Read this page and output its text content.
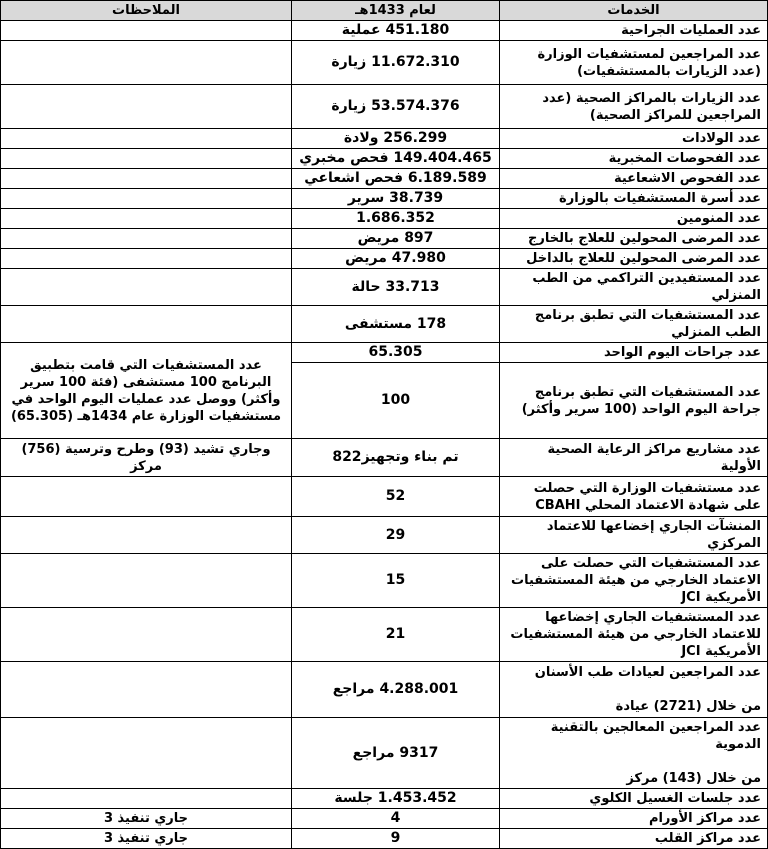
الخدمات	لعام 1433هـ	الملاحظات
عدد العمليات الجراحية	451.180 عملية	
عدد المراجعين لمستشفيات الوزارة (عدد الزيارات بالمستشفيات)	11.672.310 زيارة	
عدد الزيارات بالمراكز الصحية (عدد المراجعين للمراكز الصحية)	53.574.376 زيارة	
عدد الولادات	256.299 ولادة	
عدد الفحوصات المخبرية	149.404.465 فحص مخبري	
عدد الفحوص الاشعاعية	6.189.589 فحص اشعاعي	
عدد أسرة المستشفيات بالوزارة	38.739 سرير	
عدد المنومين	1.686.352	
عدد المرضى المحولين للعلاج بالخارج	897 مريض	
عدد المرضى المحولين للعلاج بالداخل	47.980 مريض	
عدد المستفيدين التراكمي من الطب المنزلي	33.713 حالة	
عدد المستشفيات التي تطبق برنامج الطب المنزلي	178 مستشفى	
عدد جراحات اليوم الواحد	65.305	عدد المستشفيات التي قامت بتطبيق البرنامج 100 مستشفى (فئة 100 سرير وأكثر) ووصل عدد عمليات اليوم الواحد في مستشفيات الوزارة عام 1434هـ (65.305)
عدد المستشفيات التي تطبق برنامج جراحة اليوم الواحد (100 سرير وأكثر)	100	
عدد مشاريع مراكز الرعاية الصحية الأولية	تم بناء وتجهيز822	وجاري تشيد (93) وطرح وترسية (756) مركز
عدد مستشفيات الوزارة التي حصلت على شهادة الاعتماد المحلي CBAHI	52	
المنشآت الجاري إخضاعها للاعتماد المركزي	29	
عدد المستشفيات التي حصلت على الاعتماد الخارجي من هيئة المستشفيات الأمريكية JCI	15	
عدد المستشفيات الجاري إخضاعها للاعتماد الخارجي من هيئة المستشفيات الأمريكية JCI	21	
عدد المراجعين لعيادات طب الأسنان

من خلال (2721) عيادة	4.288.001 مراجع	
عدد المراجعين المعالجين بالتقنية الدموية

من خلال (143) مركز	9317 مراجع	
عدد جلسات الغسيل الكلوي	1.453.452 جلسة	
عدد مراكز الأورام	4	جاري تنفيذ 3
عدد مراكز القلب	9	جاري تنفيذ 3
